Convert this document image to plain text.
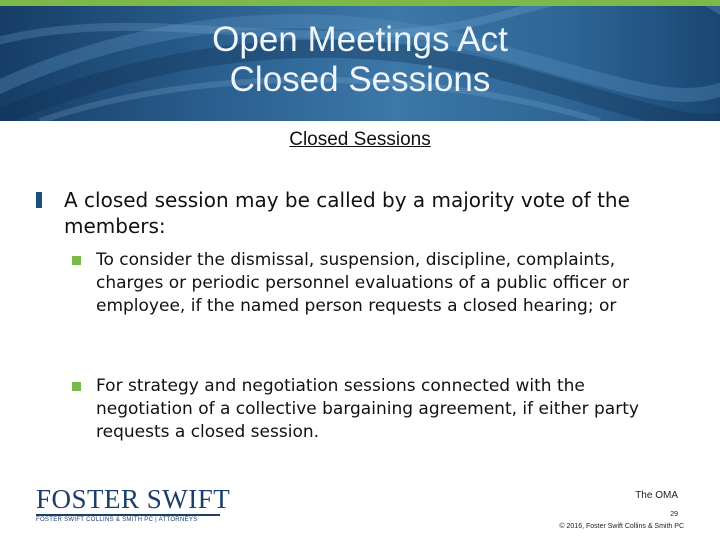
Open Meetings Act
Closed Sessions
Closed Sessions
A closed session may be called by a majority vote of the members:
To consider the dismissal, suspension, discipline, complaints, charges or periodic personnel evaluations of a public officer or employee, if the named person requests a closed hearing; or
For strategy and negotiation sessions connected with the negotiation of a collective bargaining agreement, if either party requests a closed session.
FOSTER SWIFT
FOSTER SWIFT COLLINS & SMITH PC | ATTORNEYS
The OMA
29
© 2016, Foster Swift Collins & Smith PC
